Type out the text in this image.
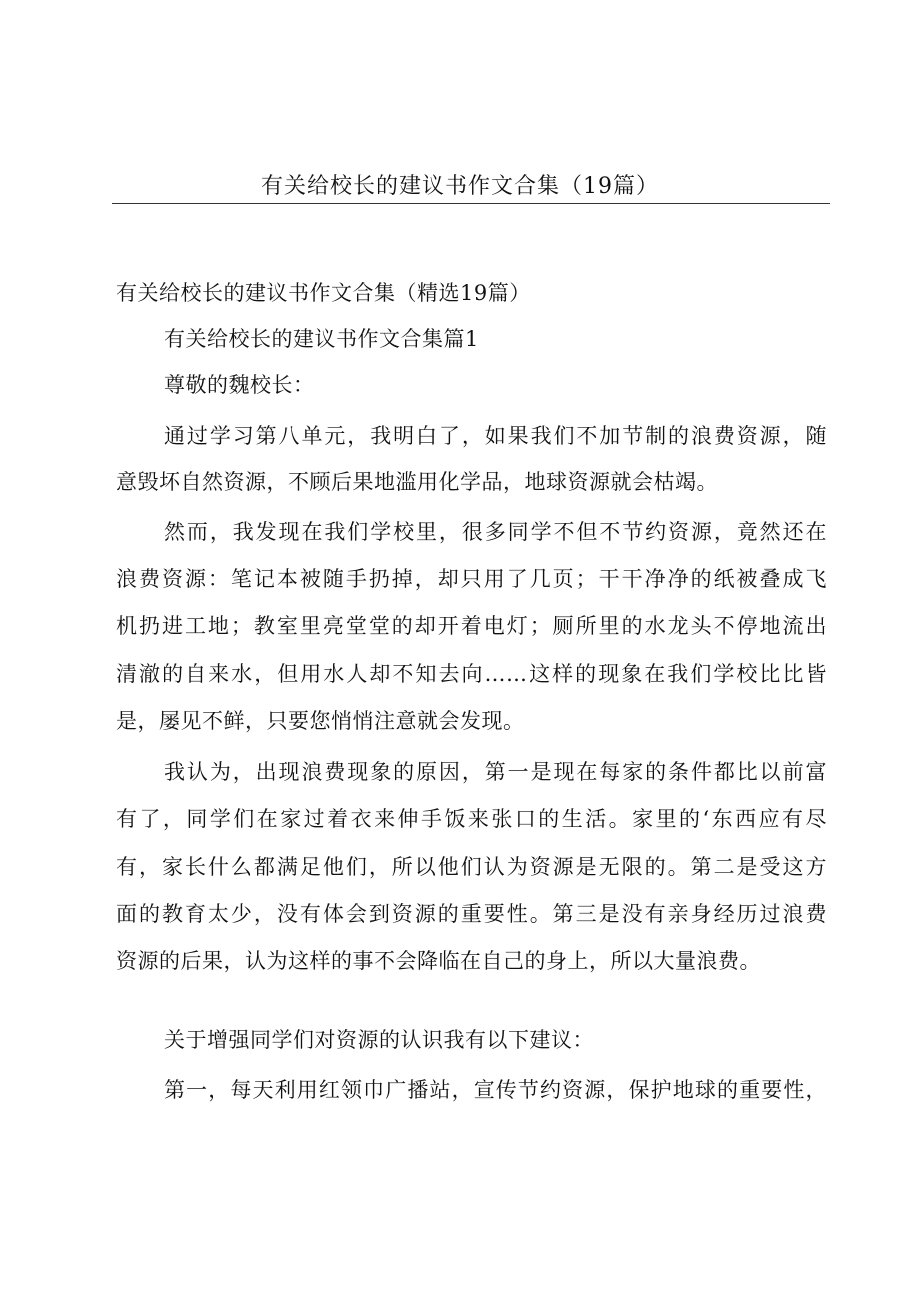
有关给校长的建议书作文合集（19篇）
有关给校长的建议书作文合集（精选19篇）
有关给校长的建议书作文合集篇1
尊敬的魏校长：
通过学习第八单元，我明白了，如果我们不加节制的浪费资源，随
意毁坏自然资源，不顾后果地滥用化学品，地球资源就会枯竭。
然而，我发现在我们学校里，很多同学不但不节约资源，竟然还在
浪费资源：笔记本被随手扔掉，却只用了几页；干干净净的纸被叠成飞
机扔进工地；教室里亮堂堂的却开着电灯；厕所里的水龙头不停地流出
清澈的自来水，但用水人却不知去向……这样的现象在我们学校比比皆
是，屡见不鲜，只要您悄悄注意就会发现。
我认为，出现浪费现象的原因，第一是现在每家的条件都比以前富
有了，同学们在家过着衣来伸手饭来张口的生活。家里的‘东西应有尽
有，家长什么都满足他们，所以他们认为资源是无限的。第二是受这方
面的教育太少，没有体会到资源的重要性。第三是没有亲身经历过浪费
资源的后果，认为这样的事不会降临在自己的身上，所以大量浪费。
关于增强同学们对资源的认识我有以下建议：
第一，每天利用红领巾广播站，宣传节约资源，保护地球的重要性，
